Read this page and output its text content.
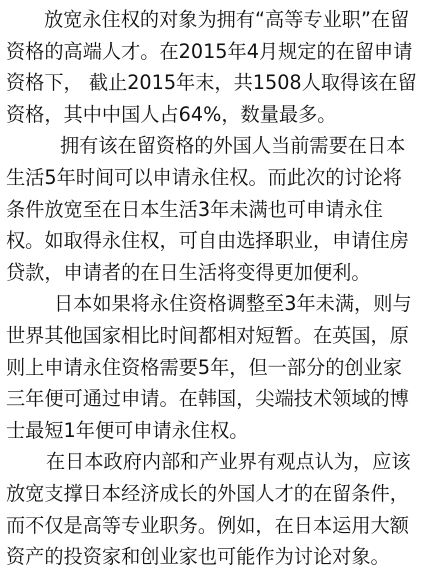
放宽永住权的对象为拥有“高等专业职”在留
资格的高端人才。在2015年4月规定的在留申请
资格下， 截止2015年末，共1508人取得该在留
资格，其中中国人占64%，数量最多。
拥有该在留资格的外国人当前需要在日本
生活5年时间可以申请永住权。而此次的讨论将
条件放宽至在日本生活3年未满也可申请永住
权。如取得永住权，可自由选择职业，申请住房
贷款，申请者的在日生活将变得更加便利。
日本如果将永住资格调整至3年未满，则与
世界其他国家相比时间都相对短暂。在英国，原
则上申请永住资格需要5年，但一部分的创业家
三年便可通过申请。在韩国，尖端技术领域的博
士最短1年便可申请永住权。
在日本政府内部和产业界有观点认为，应该
放宽支撑日本经济成长的外国人才的在留条件，
而不仅是高等专业职务。例如，在日本运用大额
资产的投资家和创业家也可能作为讨论对象。
